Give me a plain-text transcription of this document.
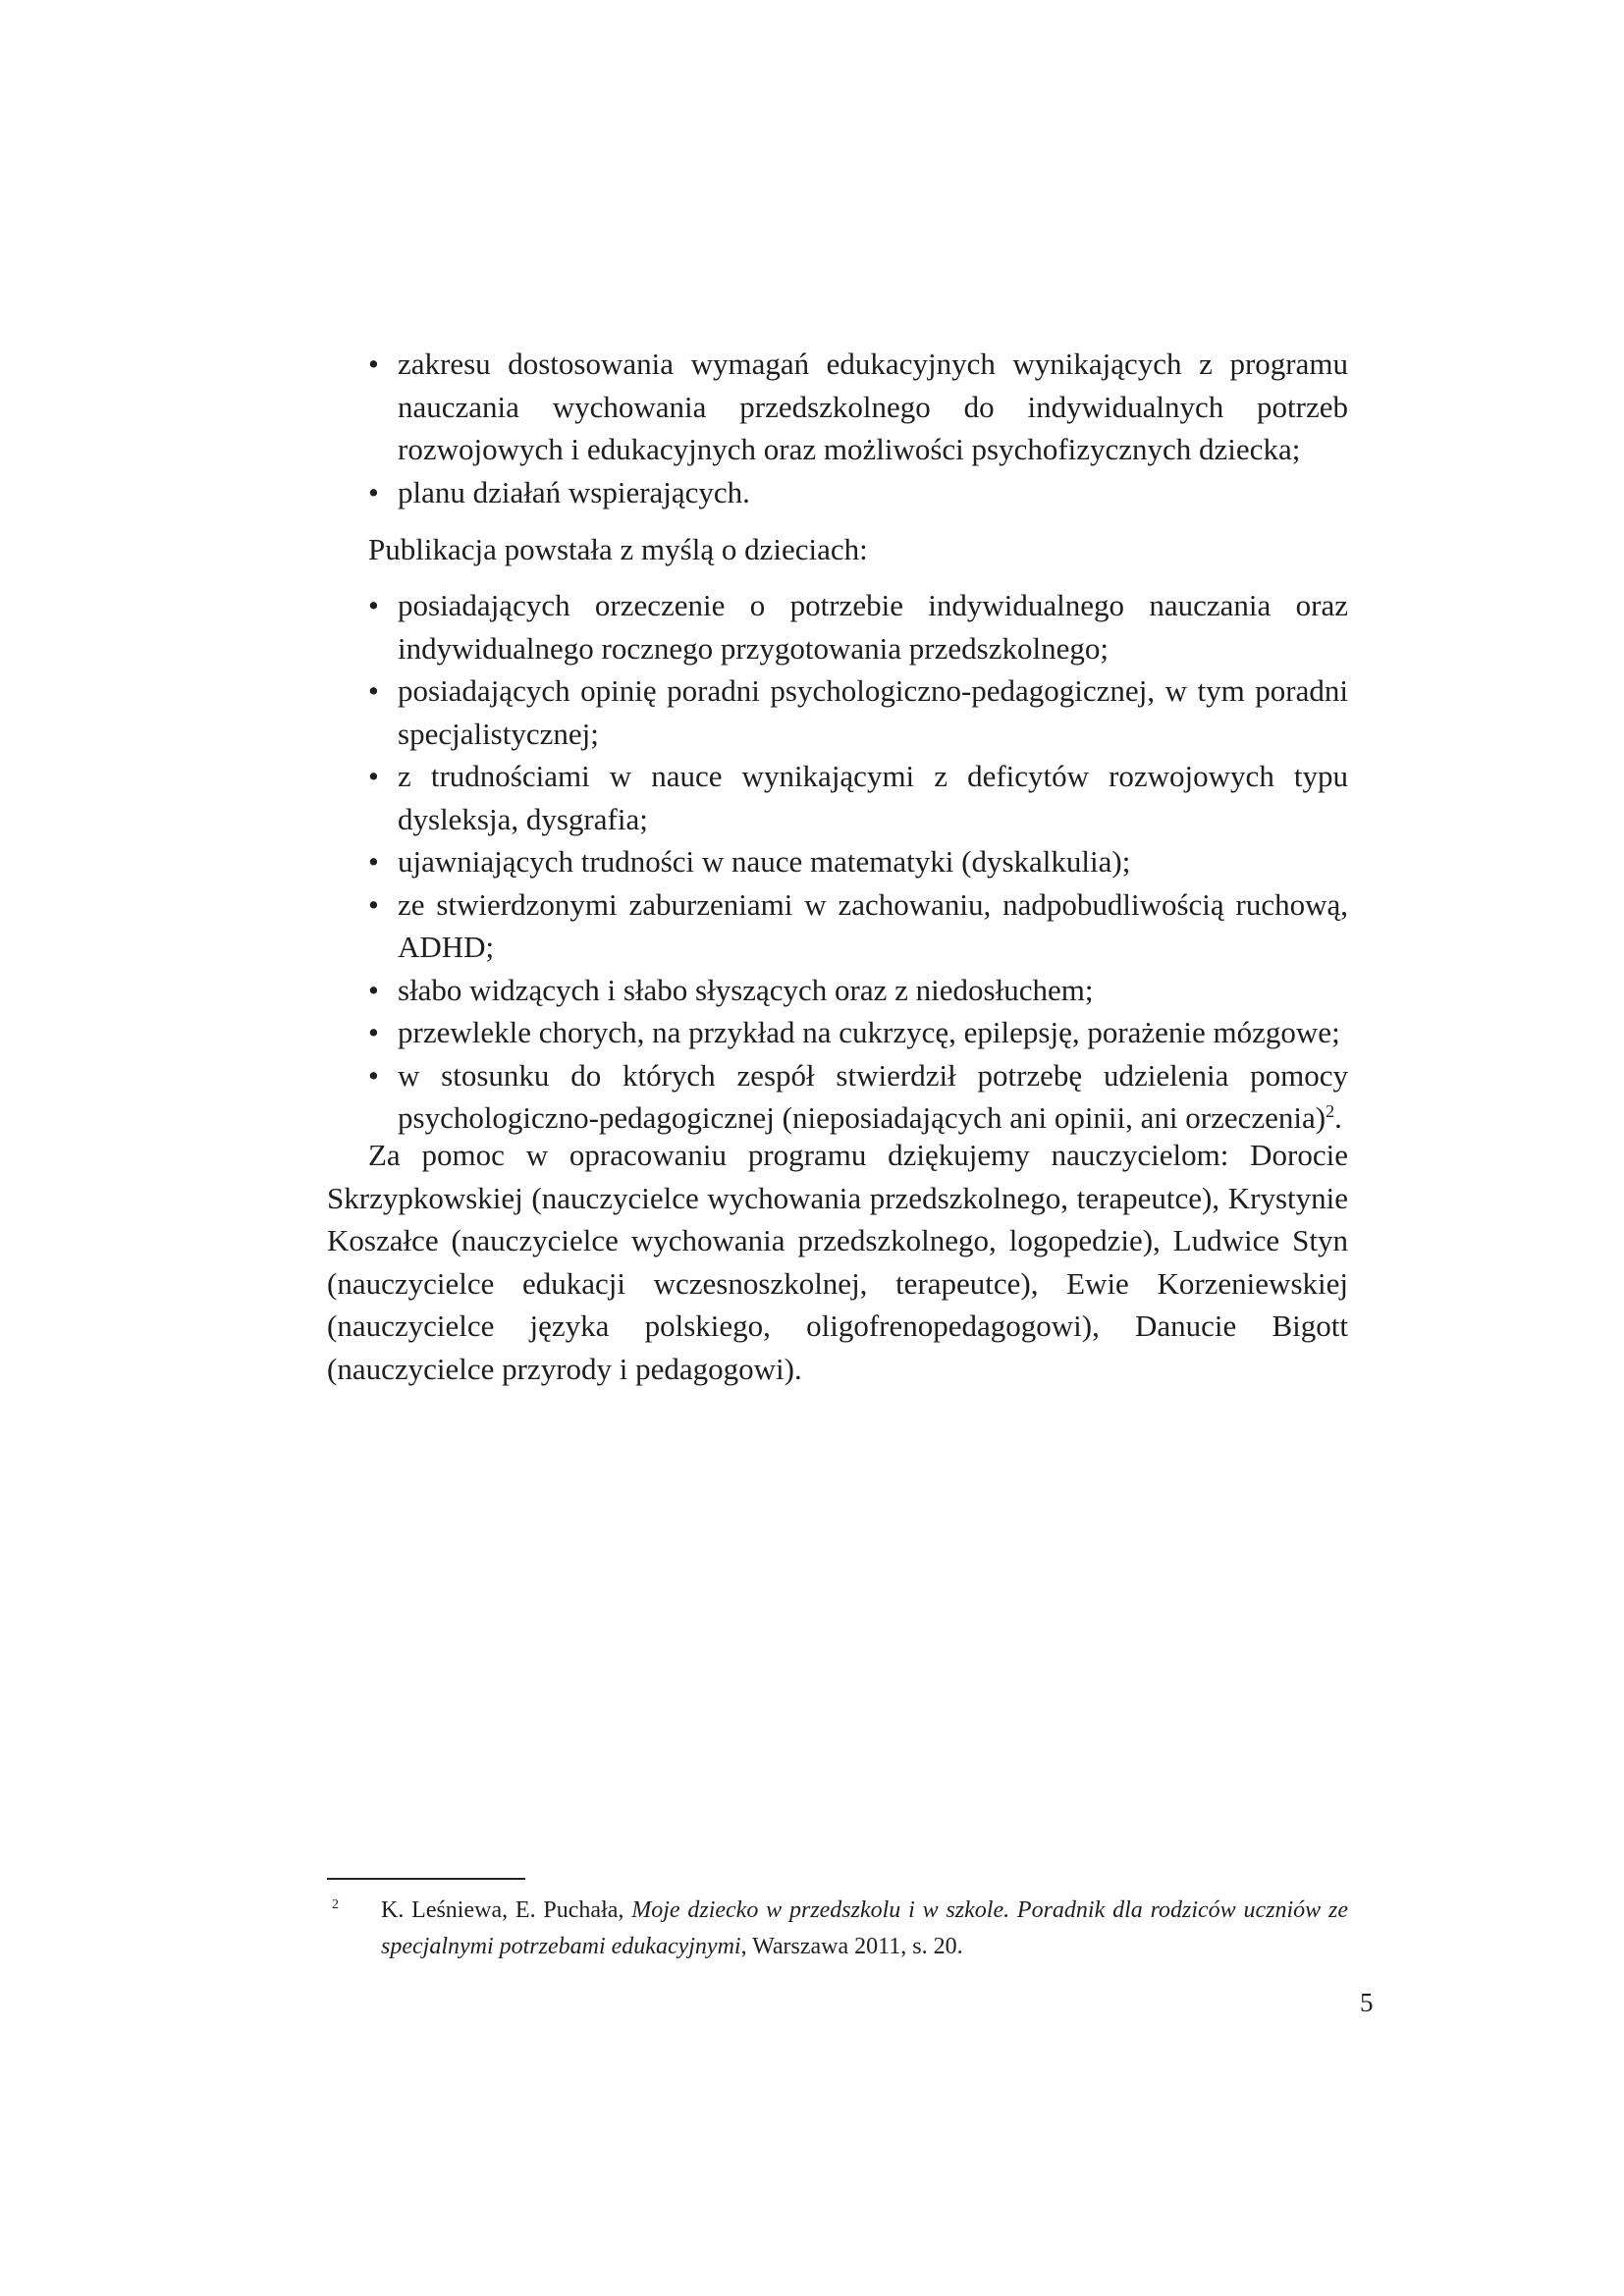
• zakresu dostosowania wymagań edukacyjnych wynikających z programu nauczania wychowania przedszkolnego do indywidualnych potrzeb rozwojowych i edukacyjnych oraz możliwości psychofizycznych dziecka;
• planu działań wspierających.
Publikacja powstała z myślą o dzieciach:
• posiadających orzeczenie o potrzebie indywidualnego nauczania oraz indywidualnego rocznego przygotowania przedszkolnego;
• posiadających opinię poradni psychologiczno-pedagogicznej, w tym poradni specjalistycznej;
• z trudnościami w nauce wynikającymi z deficytów rozwojowych typu dysleksja, dysgrafia;
• ujawniających trudności w nauce matematyki (dyskalkulia);
• ze stwierdzonymi zaburzeniami w zachowaniu, nadpobudliwością ruchową, ADHD;
• słabo widzących i słabo słyszących oraz z niedosłuchem;
• przewlekle chorych, na przykład na cukrzycę, epilepsję, porażenie mózgowe;
• w stosunku do których zespół stwierdził potrzebę udzielenia pomocy psychologiczno-pedagogicznej (nieposiadających ani opinii, ani orzeczenia)$^2$.
Za pomoc w opracowaniu programu dziękujemy nauczycielom: Dorocie Skrzypkowskiej (nauczycielce wychowania przedszkolnego, terapeutce), Krystynie Koszałce (nauczycielce wychowania przedszkolnego, logopedzie), Ludwice Styn (nauczycielce edukacji wczesnoszkolnej, terapeutce), Ewie Korzeniewskiej (nauczycielce języka polskiego, oligofrenopedagogowi), Danucie Bigott (nauczycielce przyrody i pedagogowi).
2 K. Leśniewa, E. Puchała, Moje dziecko w przedszkolu i w szkole. Poradnik dla rodziców uczniów ze specjalnymi potrzebami edukacyjnymi, Warszawa 2011, s. 20.
5
